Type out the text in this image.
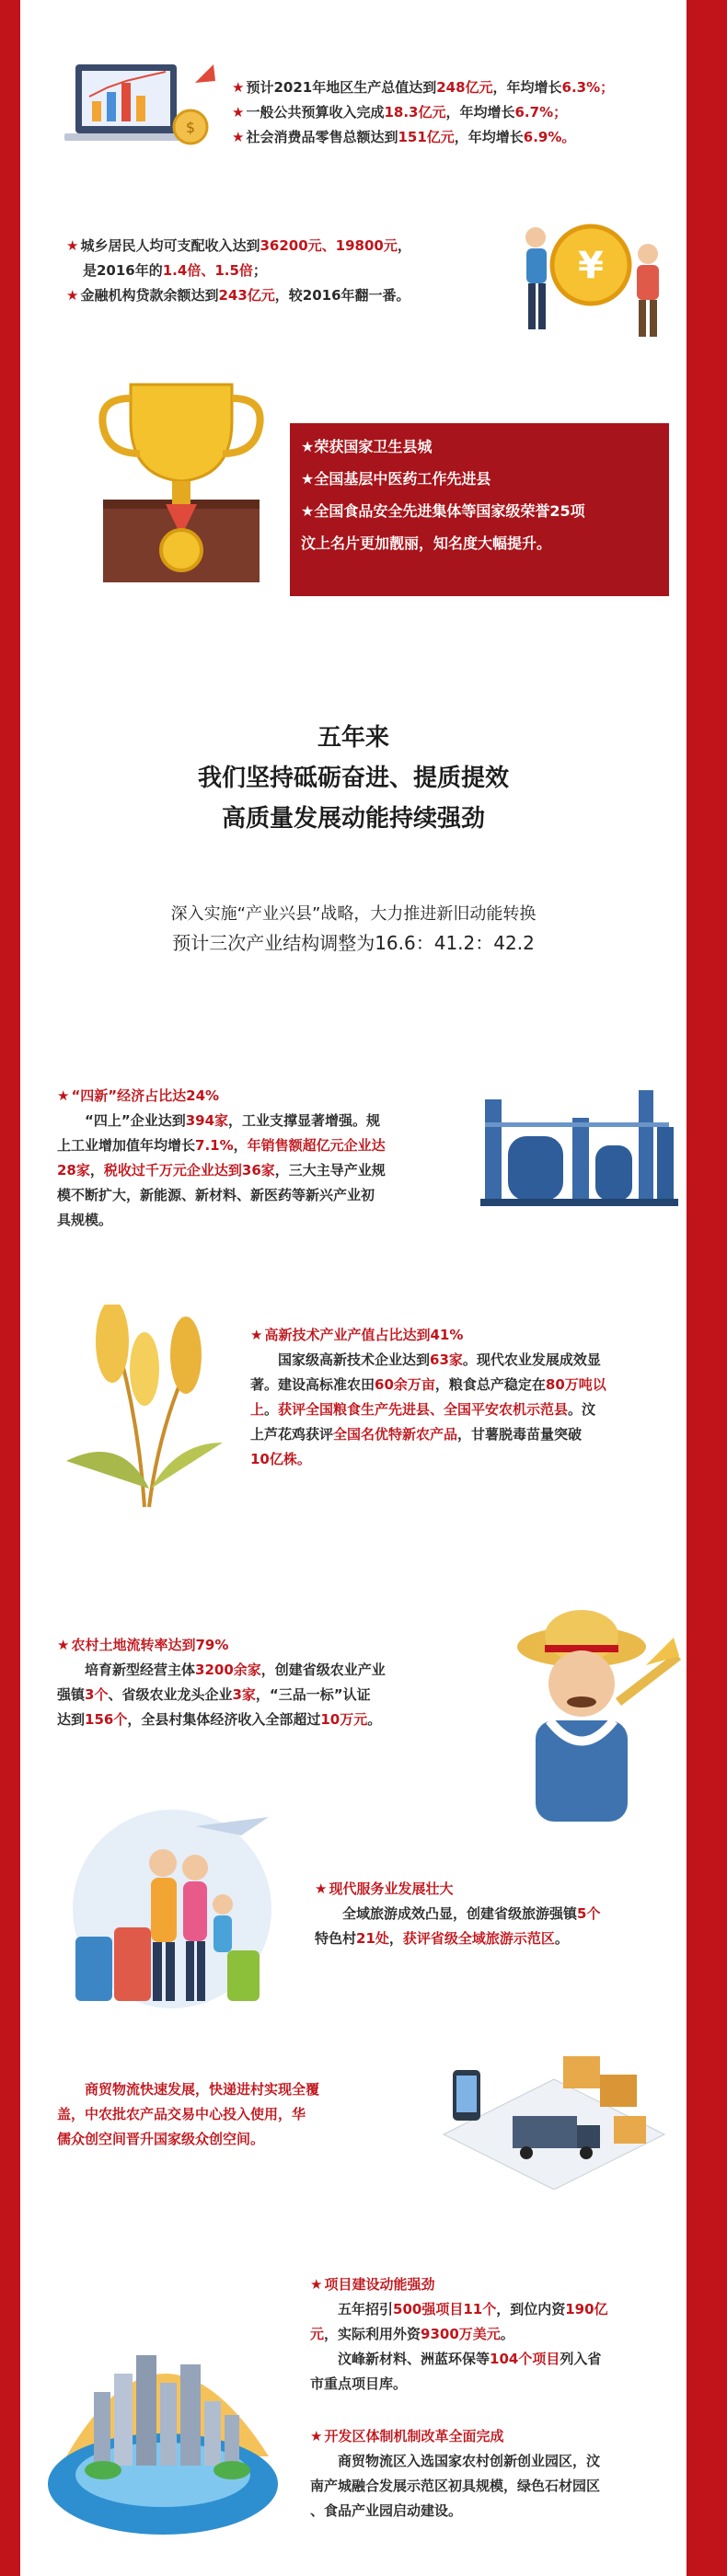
$
★ 预计2021年地区生产总值达到248亿元，年均增长6.3%；
★ 一般公共预算收入完成18.3亿元，年均增长6.7%；
★ 社会消费品零售总额达到151亿元，年均增长6.9%。
★ 城乡居民人均可支配收入达到36200元、19800元，
是2016年的1.4倍、1.5倍；
★ 金融机构贷款余额达到243亿元，较2016年翻一番。
¥
★荣获国家卫生县城
★全国基层中医药工作先进县
★全国食品安全先进集体等国家级荣誉25项
汶上名片更加靓丽，知名度大幅提升。
五年来
我们坚持砥砺奋进、提质提效
高质量发展动能持续强劲
深入实施“产业兴县”战略，大力推进新旧动能转换
预计三次产业结构调整为16.6：41.2：42.2
★ “四新”经济占比达24%
“四上”企业达到394家，工业支撑显著增强。规
上工业增加值年均增长7.1%，年销售额超亿元企业达
28家，税收过千万元企业达到36家，三大主导产业规
模不断扩大，新能源、新材料、新医药等新兴产业初
具规模。
★ 高新技术产业产值占比达到41%
国家级高新技术企业达到63家。现代农业发展成效显
著。建设高标准农田60余万亩，粮食总产稳定在80万吨以
上。获评全国粮食生产先进县、全国平安农机示范县。汶
上芦花鸡获评全国名优特新农产品，甘薯脱毒苗量突破
10亿株。
★ 农村土地流转率达到79%
培育新型经营主体3200余家，创建省级农业产业
强镇3个、省级农业龙头企业3家，“三品一标”认证
达到156个，全县村集体经济收入全部超过10万元。
★ 现代服务业发展壮大
全域旅游成效凸显，创建省级旅游强镇5个
特色村21处，获评省级全域旅游示范区。
商贸物流快速发展，快递进村实现全覆
盖，中农批农产品交易中心投入使用，华
儒众创空间晋升国家级众创空间。
★ 项目建设动能强劲
五年招引500强项目11个，到位内资190亿
元，实际利用外资9300万美元。
汶峰新材料、洲蓝环保等104个项目列入省
市重点项目库。
★ 开发区体制机制改革全面完成
商贸物流区入选国家农村创新创业园区，汶
南产城融合发展示范区初具规模，绿色石材园区
、食品产业园启动建设。
